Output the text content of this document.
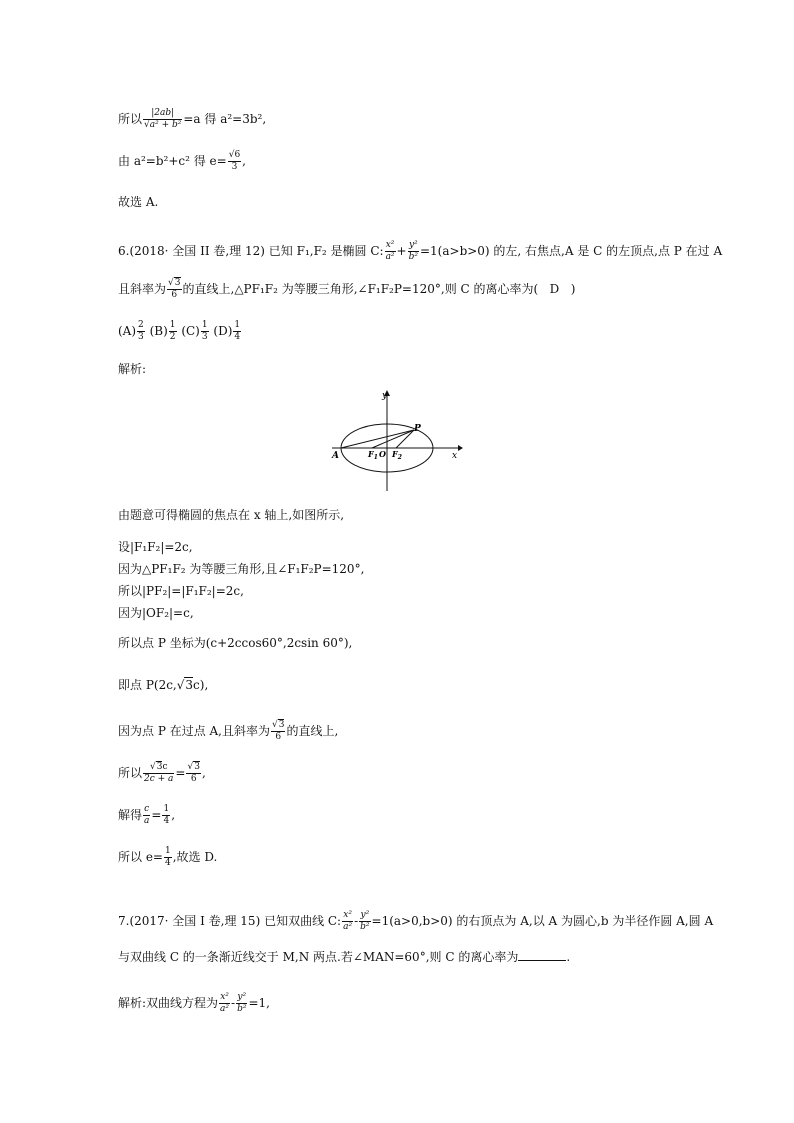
所以 $\frac{|2ab|}{\text{√a² + b²}} =a$ 得 a²=3b²,
由 a²=b²+c² 得 $e= \frac{√6}{3}$ ,
故选 A.
6.(2018· 全国 II 卷,理 12) 已知 F₁,F₂ 是椭圆 C: $\frac{\text{x²}}{\text{a²}} + \frac{\text{y²}}{\text{b²}} =1(a>b>0)$ 的左, 右焦点,A 是 C 的左顶点,点 P 在过 A
且斜率为 $\frac{√3}{6}$ 的直线上,△PF₁F₂ 为等腰三角形,∠F₁F₂P=120°,则 C 的离心率为( D )
$(A) \frac{2}{3} (B) \frac{1}{2} (C) \frac{1}{3} (D) \frac{1}{4}$
解析:
y
x
A	$F_1$ O $F_2$
P
由题意可得椭圆的焦点在 x 轴上,如图所示,
设|F₁F₂|=2c,
因为△PF₁F₂ 为等腰三角形,且∠F₁F₂P=120°,
所以|PF₂|=|F₁F₂|=2c,
因为|OF₂|=c,
所以点 P 坐标为(c+2ccos60°,2csin 60°),
即点 P(2c,√3c),
因为点 P 在过点 A,且斜率为 $\frac{√3}{6}$ 的直线上,
所以 $\frac{√3c}{2c + a} = \frac{√3}{6}$ ,
解得 $\frac{c}{a} = \frac{1}{4}$ ,
所以 $e= \frac{1}{4}$ ,故选 D.
7.(2017· 全国 I 卷,理 15) 已知双曲线 C: $\frac{\text{x²}}{\text{a²}} - \frac{\text{y²}}{\text{b²}} =1(a>0,b>0)$ 的右顶点为 A,以 A 为圆心,b 为半径作圆 A,圆 A
与双曲线 C 的一条渐近线交于 M,N 两点.若∠MAN=60°,则 C 的离心率为	.
解析:双曲线方程为 $\frac{\text{x²}}{\text{a²}} - \frac{\text{y²}}{\text{b²}} =1$,
